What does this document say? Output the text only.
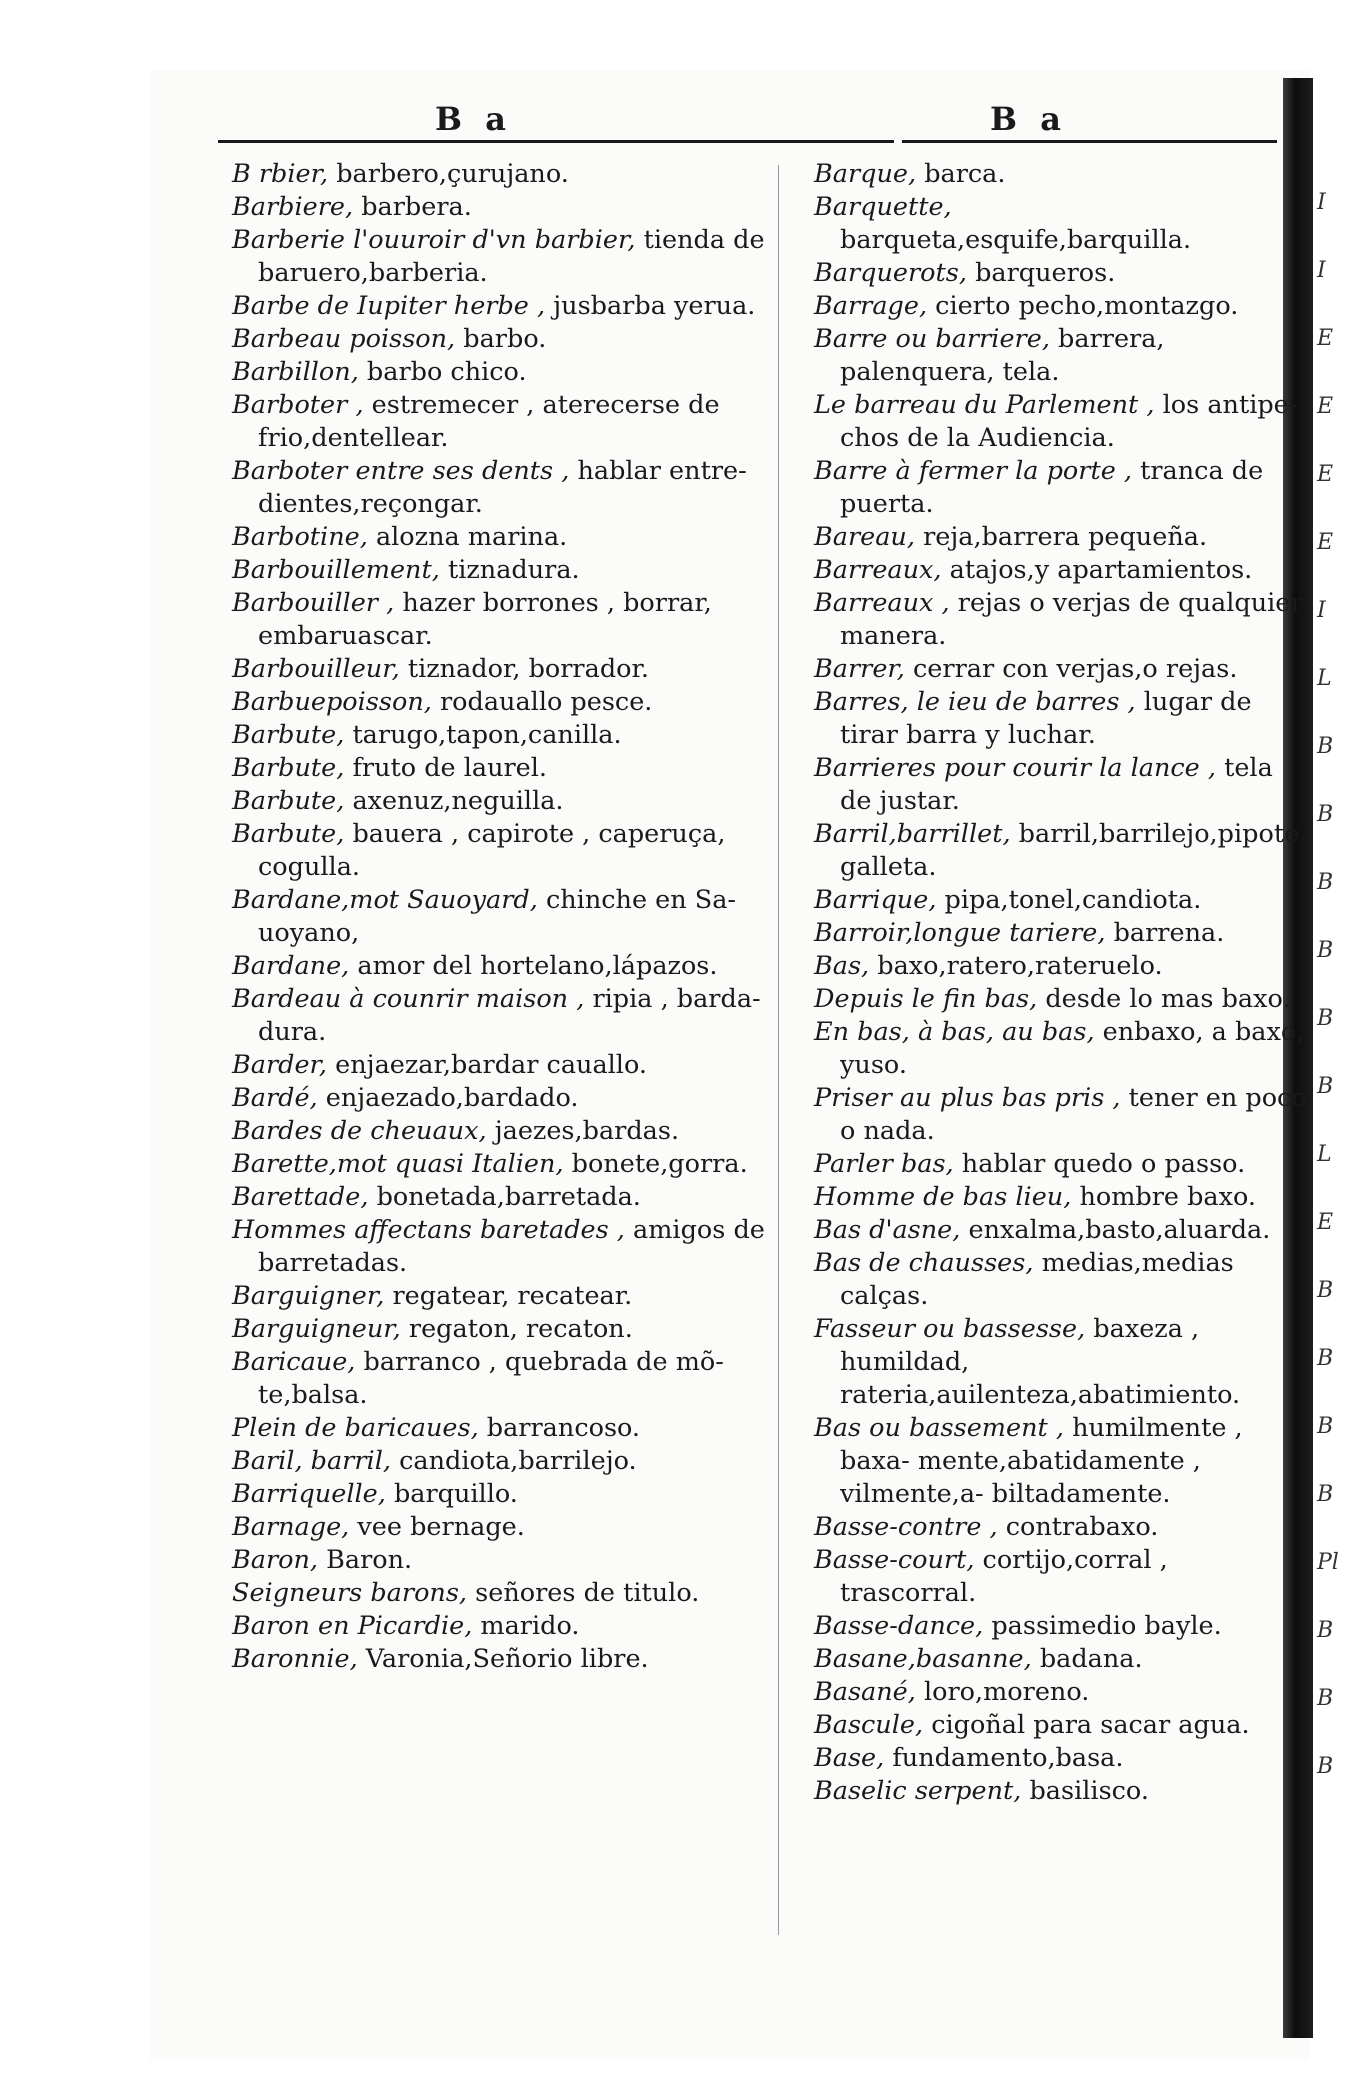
I
I
E
E
E
E
I
L
B
B
B
B
B
B
L
E
B
B
B
B
Pl
B
B
B
B a	B a

B rbier, barbero,çurujano.

Barbiere, barbera.

Barberie l'ouuroir d'vn barbier, tienda de baruero,barberia.

Barbe de Iupiter herbe , jusbarba yerua.

Barbeau poisson, barbo.

Barbillon, barbo chico.

Barboter , estremecer , aterecerse de frio,dentellear.

Barboter entre ses dents , hablar entre- dientes,reçongar.

Barbotine, alozna marina.

Barbouillement, tiznadura.

Barbouiller , hazer borrones , borrar, embaruascar.

Barbouilleur, tiznador, borrador.

Barbuepoisson, rodauallo pesce.

Barbute, tarugo,tapon,canilla.

Barbute, fruto de laurel.

Barbute, axenuz,neguilla.

Barbute, bauera , capirote , caperuça, cogulla.

Bardane,mot Sauoyard, chinche en Sa- uoyano,

Bardane, amor del hortelano,lápazos.

Bardeau à counrir maison , ripia , barda- dura.

Barder, enjaezar,bardar cauallo.

Bardé, enjaezado,bardado.

Bardes de cheuaux, jaezes,bardas.

Barette,mot quasi Italien, bonete,gorra.

Barettade, bonetada,barretada.

Hommes affectans baretades , amigos de barretadas.

Barguigner, regatear, recatear.

Barguigneur, regaton, recaton.

Baricaue, barranco , quebrada de mõ- te,balsa.

Plein de baricaues, barrancoso.

Baril, barril, candiota,barrilejo.

Barriquelle, barquillo.

Barnage, vee bernage.

Baron, Baron.

Seigneurs barons, señores de titulo.

Baron en Picardie, marido.

Baronnie, Varonia,Señorio libre.

Barque, barca.

Barquette, barqueta,esquife,barquilla.

Barquerots, barqueros.

Barrage, cierto pecho,montazgo.

Barre ou barriere, barrera, palenquera, tela.

Le barreau du Parlement , los antipe- chos de la Audiencia.

Barre à fermer la porte , tranca de puerta.

Bareau, reja,barrera pequeña.

Barreaux, atajos,y apartamientos.

Barreaux , rejas o verjas de qualquier manera.

Barrer, cerrar con verjas,o rejas.

Barres, le ieu de barres , lugar de tirar barra y luchar.

Barrieres pour courir la lance , tela de justar.

Barril,barrillet, barril,barrilejo,pipote, galleta.

Barrique, pipa,tonel,candiota.

Barroir,longue tariere, barrena.

Bas, baxo,ratero,rateruelo.

Depuis le fin bas, desde lo mas baxo.

En bas, à bas, au bas, enbaxo, a baxo, yuso.

Priser au plus bas pris , tener en poco o nada.

Parler bas, hablar quedo o passo.

Homme de bas lieu, hombre baxo.

Bas d'asne, enxalma,basto,aluarda.

Bas de chausses, medias,medias calças.

Fasseur ou bassesse, baxeza , humildad, rateria,auilenteza,abatimiento.

Bas ou bassement , humilmente , baxa- mente,abatidamente , vilmente,a- biltadamente.

Basse-contre , contrabaxo.

Basse-court, cortijo,corral , trascorral.

Basse-dance, passimedio bayle.

Basane,basanne, badana.

Basané, loro,moreno.

Bascule, cigoñal para sacar agua.

Base, fundamento,basa.

Baselic serpent, basilisco.
